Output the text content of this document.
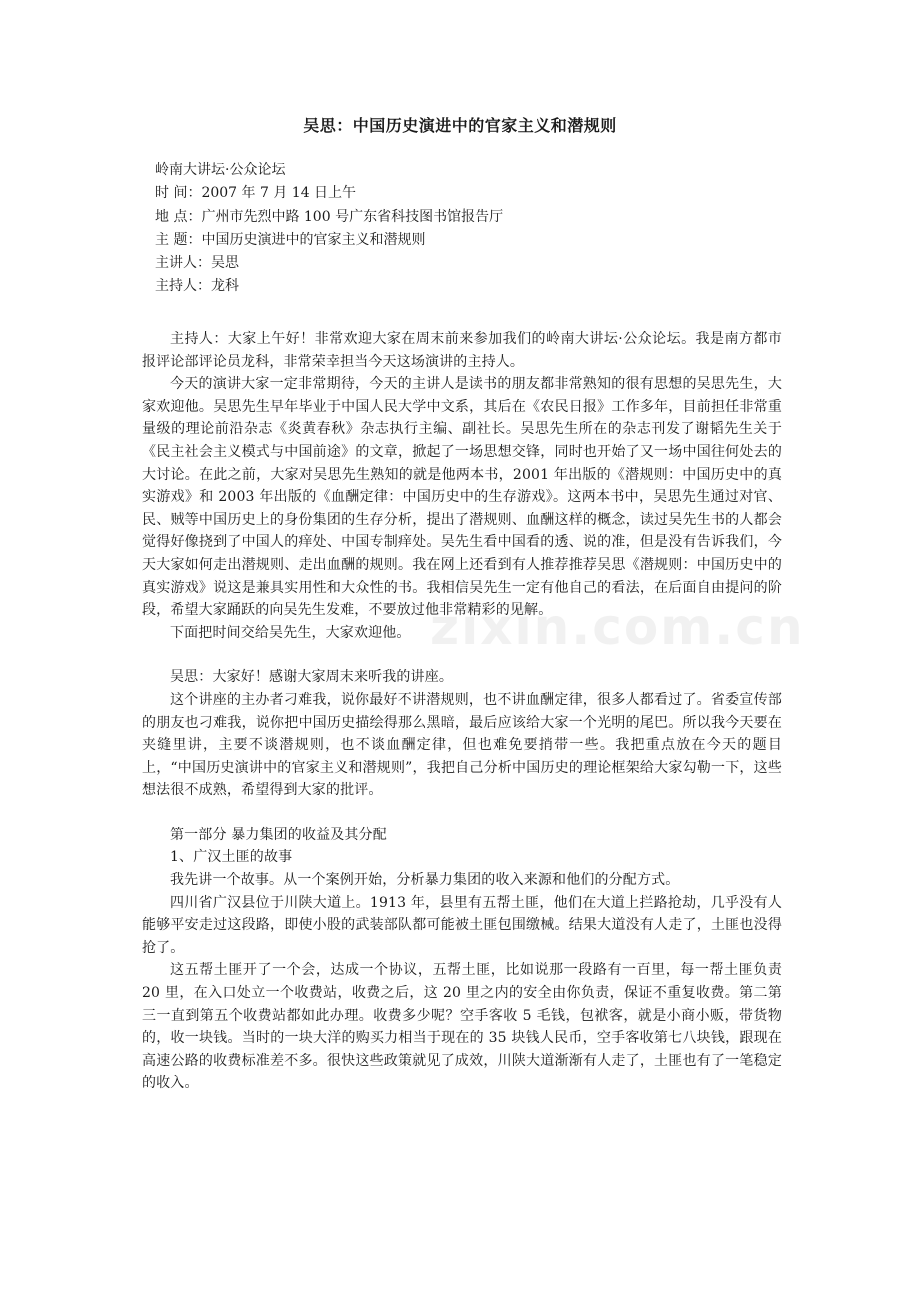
zixin.com.cn
吴思：中国历史演进中的官家主义和潜规则
岭南大讲坛·公众论坛
时 间：2007 年 7 月 14 日上午
地 点：广州市先烈中路 100 号广东省科技图书馆报告厅
主 题：中国历史演进中的官家主义和潜规则
主讲人：吴思
主持人：龙科

主持人：大家上午好！非常欢迎大家在周末前来参加我们的岭南大讲坛·公众论坛。我是南方都市报评论部评论员龙科，非常荣幸担当今天这场演讲的主持人。

今天的演讲大家一定非常期待，今天的主讲人是读书的朋友都非常熟知的很有思想的吴思先生，大家欢迎他。吴思先生早年毕业于中国人民大学中文系，其后在《农民日报》工作多年，目前担任非常重量级的理论前沿杂志《炎黄春秋》杂志执行主编、副社长。吴思先生所在的杂志刊发了谢韬先生关于《民主社会主义模式与中国前途》的文章，掀起了一场思想交锋，同时也开始了又一场中国往何处去的大讨论。在此之前，大家对吴思先生熟知的就是他两本书，2001 年出版的《潜规则：中国历史中的真实游戏》和 2003 年出版的《血酬定律：中国历史中的生存游戏》。这两本书中，吴思先生通过对官、民、贼等中国历史上的身份集团的生存分析，提出了潜规则、血酬这样的概念，读过吴先生书的人都会觉得好像挠到了中国人的痒处、中国专制痒处。吴先生看中国看的透、说的准，但是没有告诉我们，今天大家如何走出潜规则、走出血酬的规则。我在网上还看到有人推荐推荐吴思《潜规则：中国历史中的真实游戏》说这是兼具实用性和大众性的书。我相信吴先生一定有他自己的看法，在后面自由提问的阶段，希望大家踊跃的向吴先生发难，不要放过他非常精彩的见解。

下面把时间交给吴先生，大家欢迎他。

吴思：大家好！感谢大家周末来听我的讲座。

这个讲座的主办者刁难我，说你最好不讲潜规则，也不讲血酬定律，很多人都看过了。省委宣传部的朋友也刁难我，说你把中国历史描绘得那么黑暗，最后应该给大家一个光明的尾巴。所以我今天要在夹缝里讲，主要不谈潜规则，也不谈血酬定律，但也难免要捎带一些。我把重点放在今天的题目上，“中国历史演讲中的官家主义和潜规则”，我把自己分析中国历史的理论框架给大家勾勒一下，这些想法很不成熟，希望得到大家的批评。

第一部分 暴力集团的收益及其分配

1、广汉土匪的故事

我先讲一个故事。从一个案例开始，分析暴力集团的收入来源和他们的分配方式。

四川省广汉县位于川陕大道上。1913 年，县里有五帮土匪，他们在大道上拦路抢劫，几乎没有人能够平安走过这段路，即使小股的武装部队都可能被土匪包围缴械。结果大道没有人走了，土匪也没得抢了。

这五帮土匪开了一个会，达成一个协议，五帮土匪，比如说那一段路有一百里，每一帮土匪负责 20 里，在入口处立一个收费站，收费之后，这 20 里之内的安全由你负责，保证不重复收费。第二第三一直到第五个收费站都如此办理。收费多少呢？空手客收 5 毛钱，包袱客，就是小商小贩，带货物的，收一块钱。当时的一块大洋的购买力相当于现在的 35 块钱人民币，空手客收第七八块钱，跟现在高速公路的收费标准差不多。很快这些政策就见了成效，川陕大道渐渐有人走了，土匪也有了一笔稳定的收入。
